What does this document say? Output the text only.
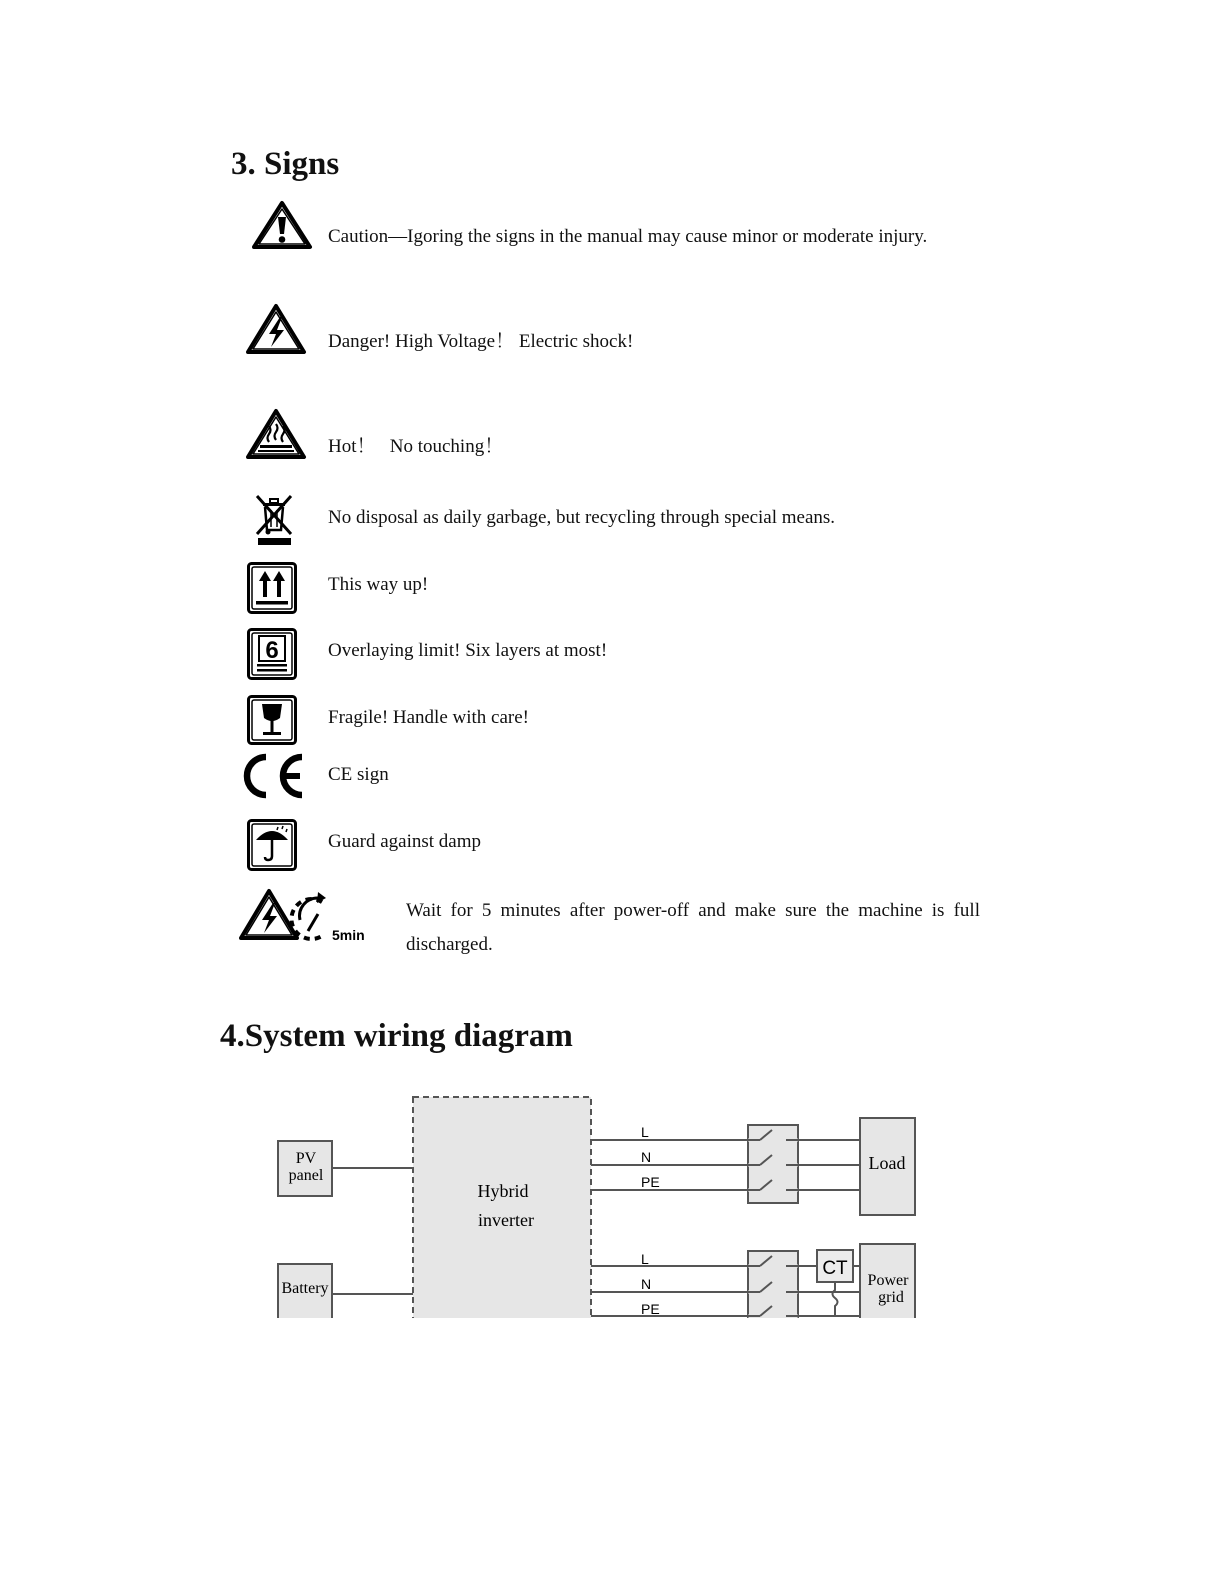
3. Signs
4.System wiring diagram
Caution—Igoring the signs in the manual may cause minor or moderate injury.
Danger! High Voltage！ Electric shock!
Hot！   No touching！
No disposal as daily garbage, but recycling through special means.
This way up!
6	Overlaying limit! Six layers at most!
Fragile! Handle with care!
CE sign
Guard against damp
5min
Wait for 5 minutes after power-off and make sure the machine is full discharged.
PV
panel
Battery
Hybrid
inverter
L
N
PE
Load
L
N
PE
CT
Power
grid
